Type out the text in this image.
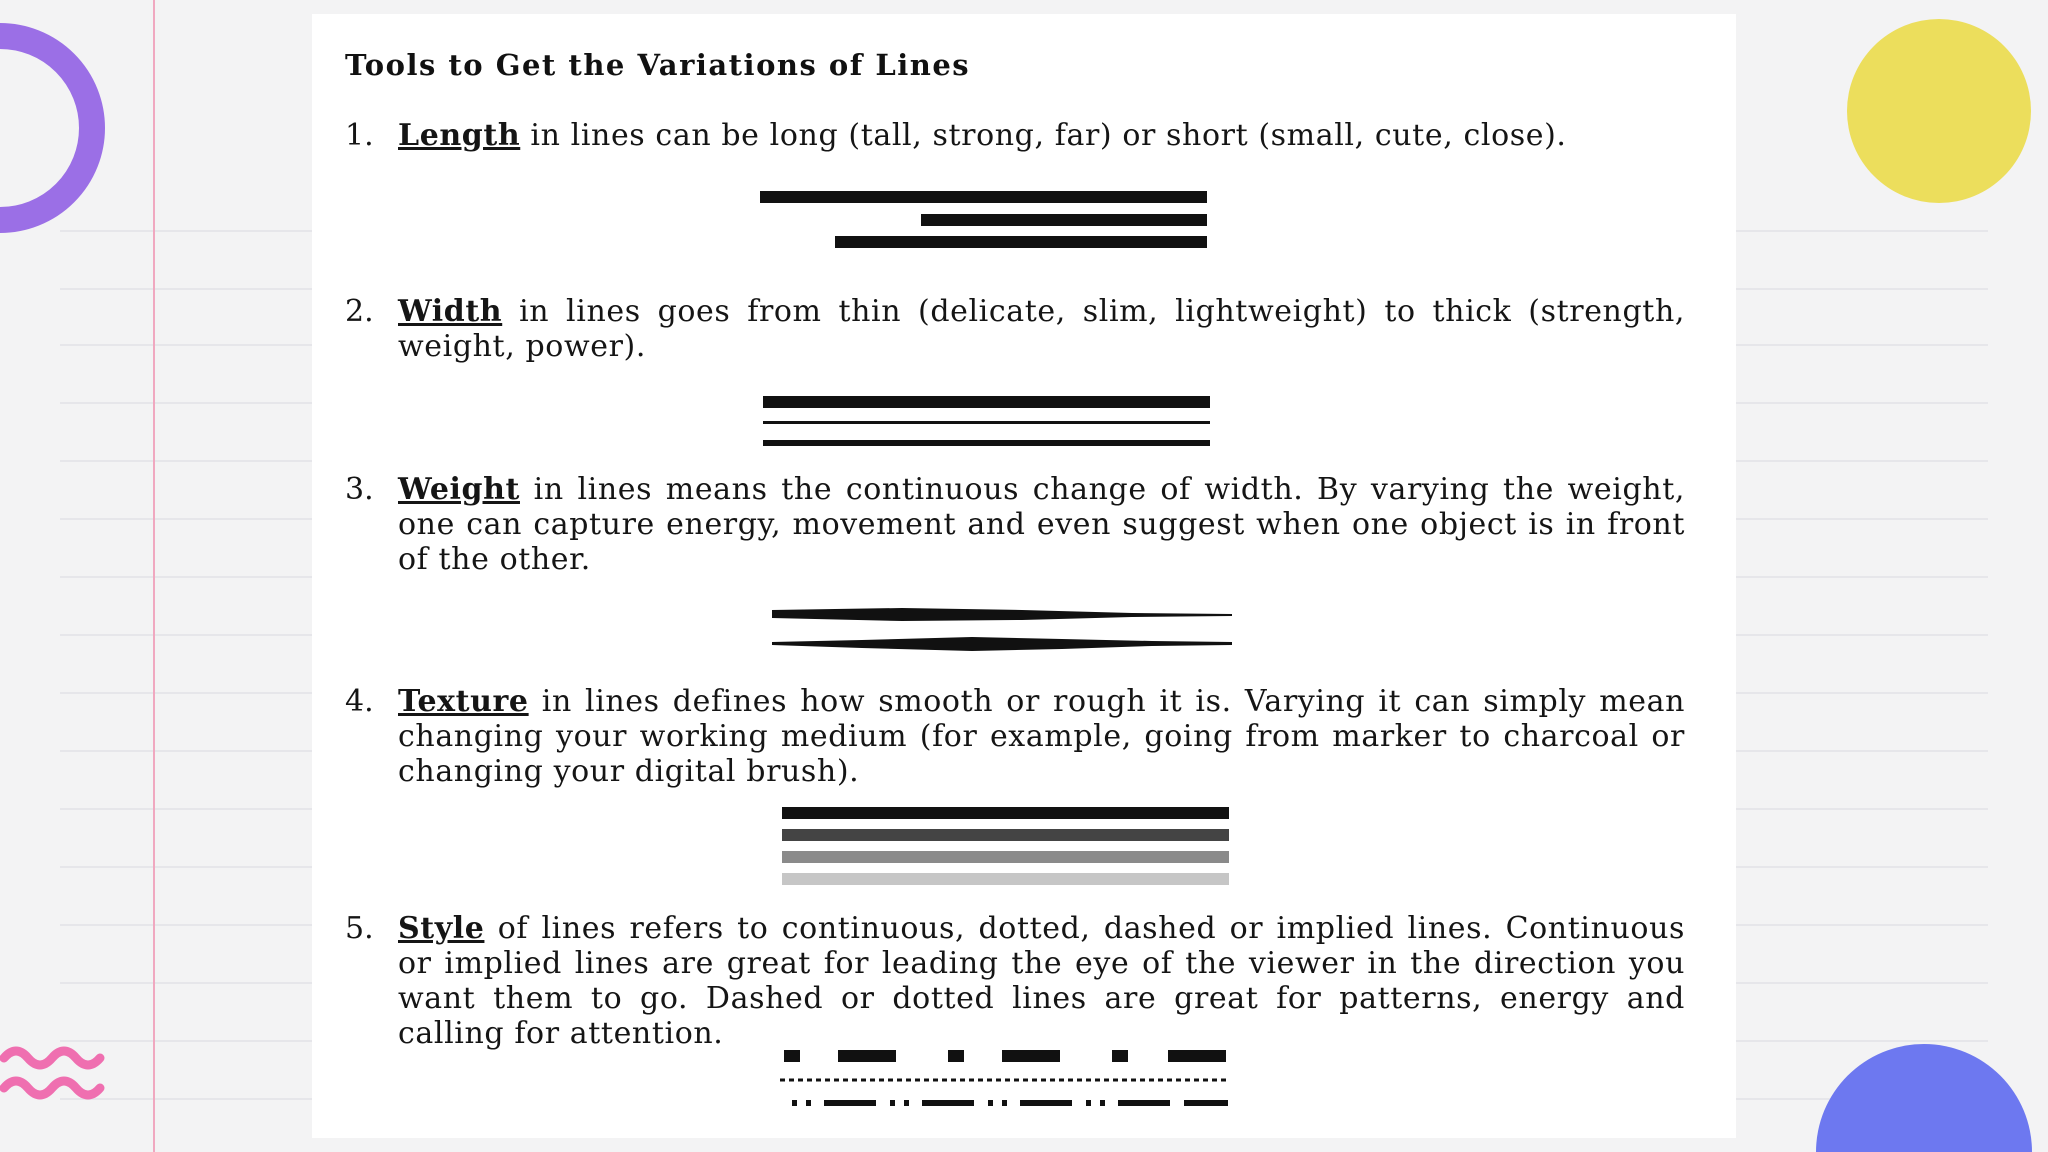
Tools to Get the Variations of Lines
1. Length in lines can be long (tall, strong, far) or short (small, cute, close).
2. Width in lines goes from thin (delicate, slim, lightweight) to thick (strength, weight, power).
3. Weight in lines means the continuous change of width. By varying the weight, one can capture energy, movement and even suggest when one object is in front of the other.
4. Texture in lines defines how smooth or rough it is. Varying it can simply mean changing your working medium (for example, going from marker to charcoal or changing your digital brush).
5. Style of lines refers to continuous, dotted, dashed or implied lines. Continuous or implied lines are great for leading the eye of the viewer in the direction you want them to go. Dashed or dotted lines are great for patterns, energy and calling for attention.
